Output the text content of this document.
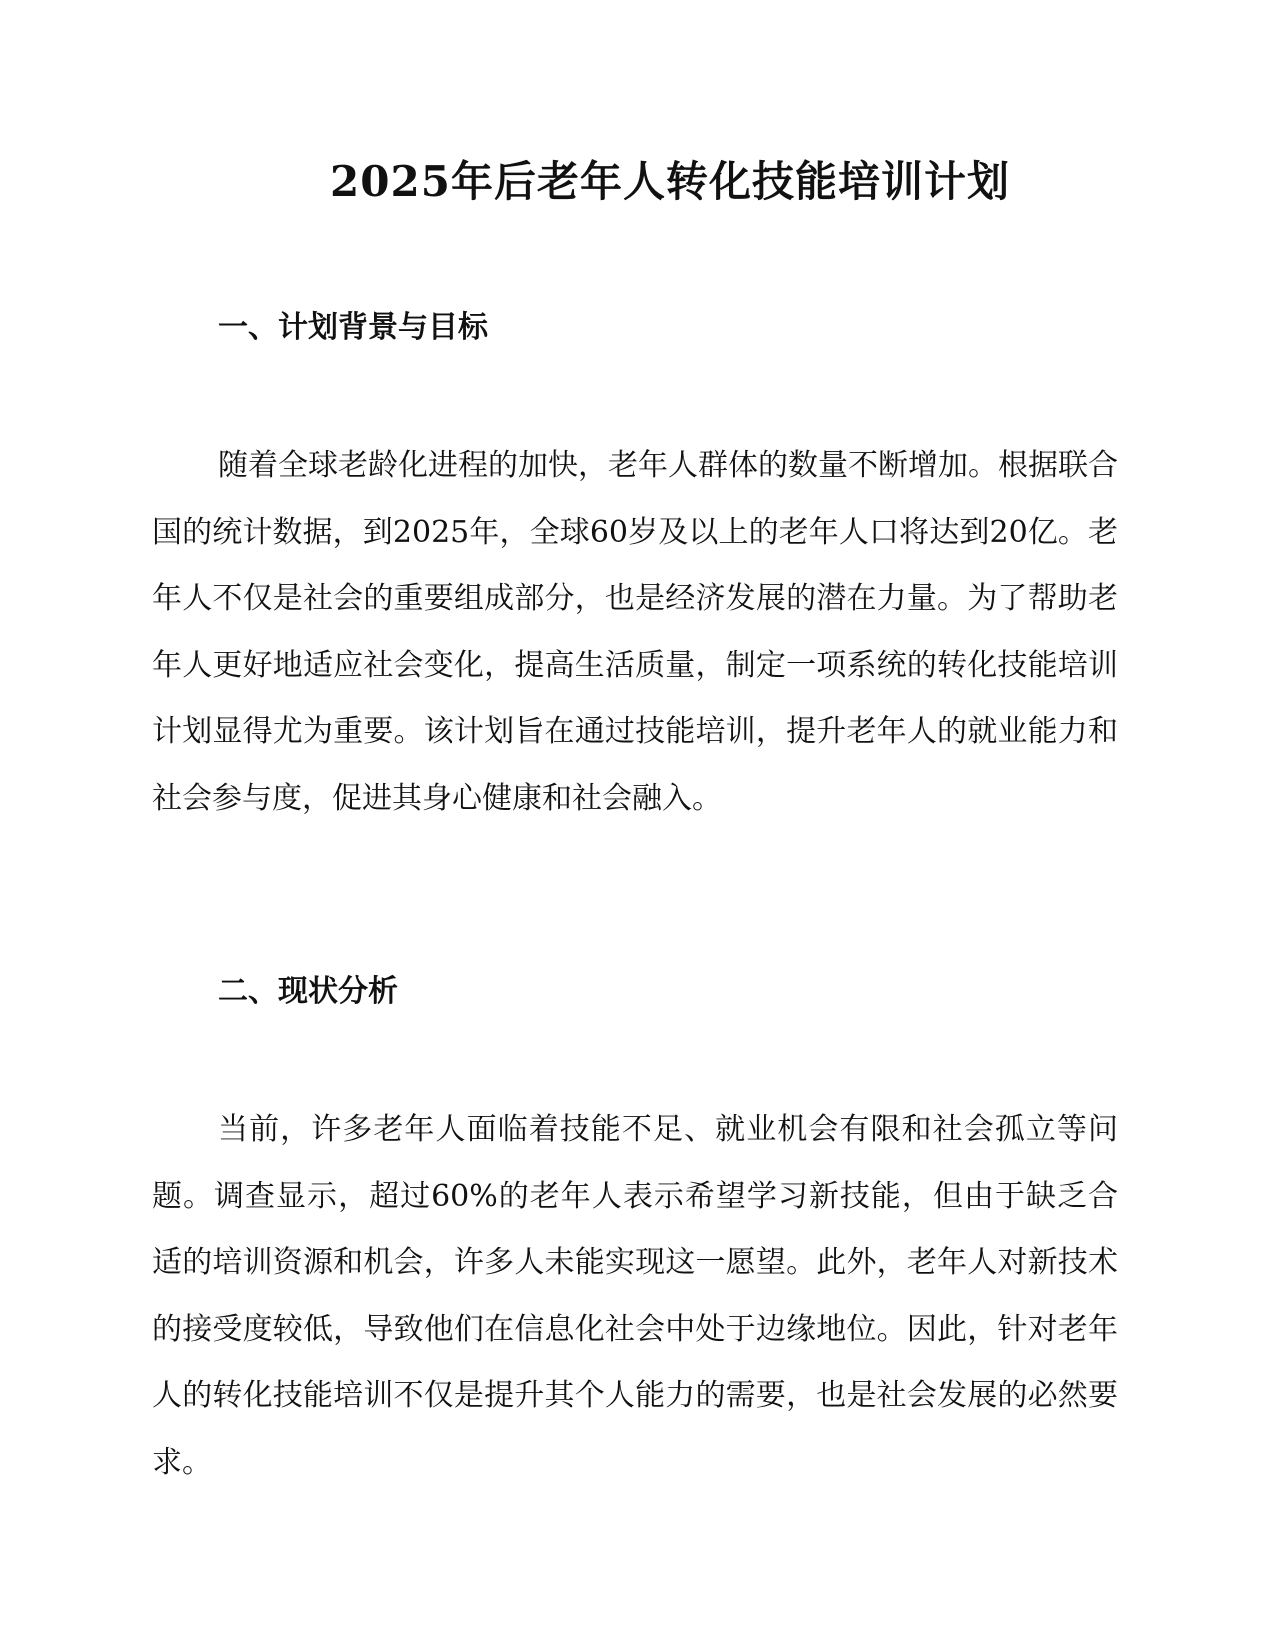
2025年后老年人转化技能培训计划
一、计划背景与目标

随着全球老龄化进程的加快，老年人群体的数量不断增加。根据联合国的统计数据，到2025年，全球60岁及以上的老年人口将达到20亿。老年人不仅是社会的重要组成部分，也是经济发展的潜在力量。为了帮助老年人更好地适应社会变化，提高生活质量，制定一项系统的转化技能培训计划显得尤为重要。该计划旨在通过技能培训，提升老年人的就业能力和社会参与度，促进其身心健康和社会融入。

二、现状分析

当前，许多老年人面临着技能不足、就业机会有限和社会孤立等问题。调查显示，超过60%的老年人表示希望学习新技能，但由于缺乏合适的培训资源和机会，许多人未能实现这一愿望。此外，老年人对新技术的接受度较低，导致他们在信息化社会中处于边缘地位。因此，针对老年人的转化技能培训不仅是提升其个人能力的需要，也是社会发展的必然要求。
